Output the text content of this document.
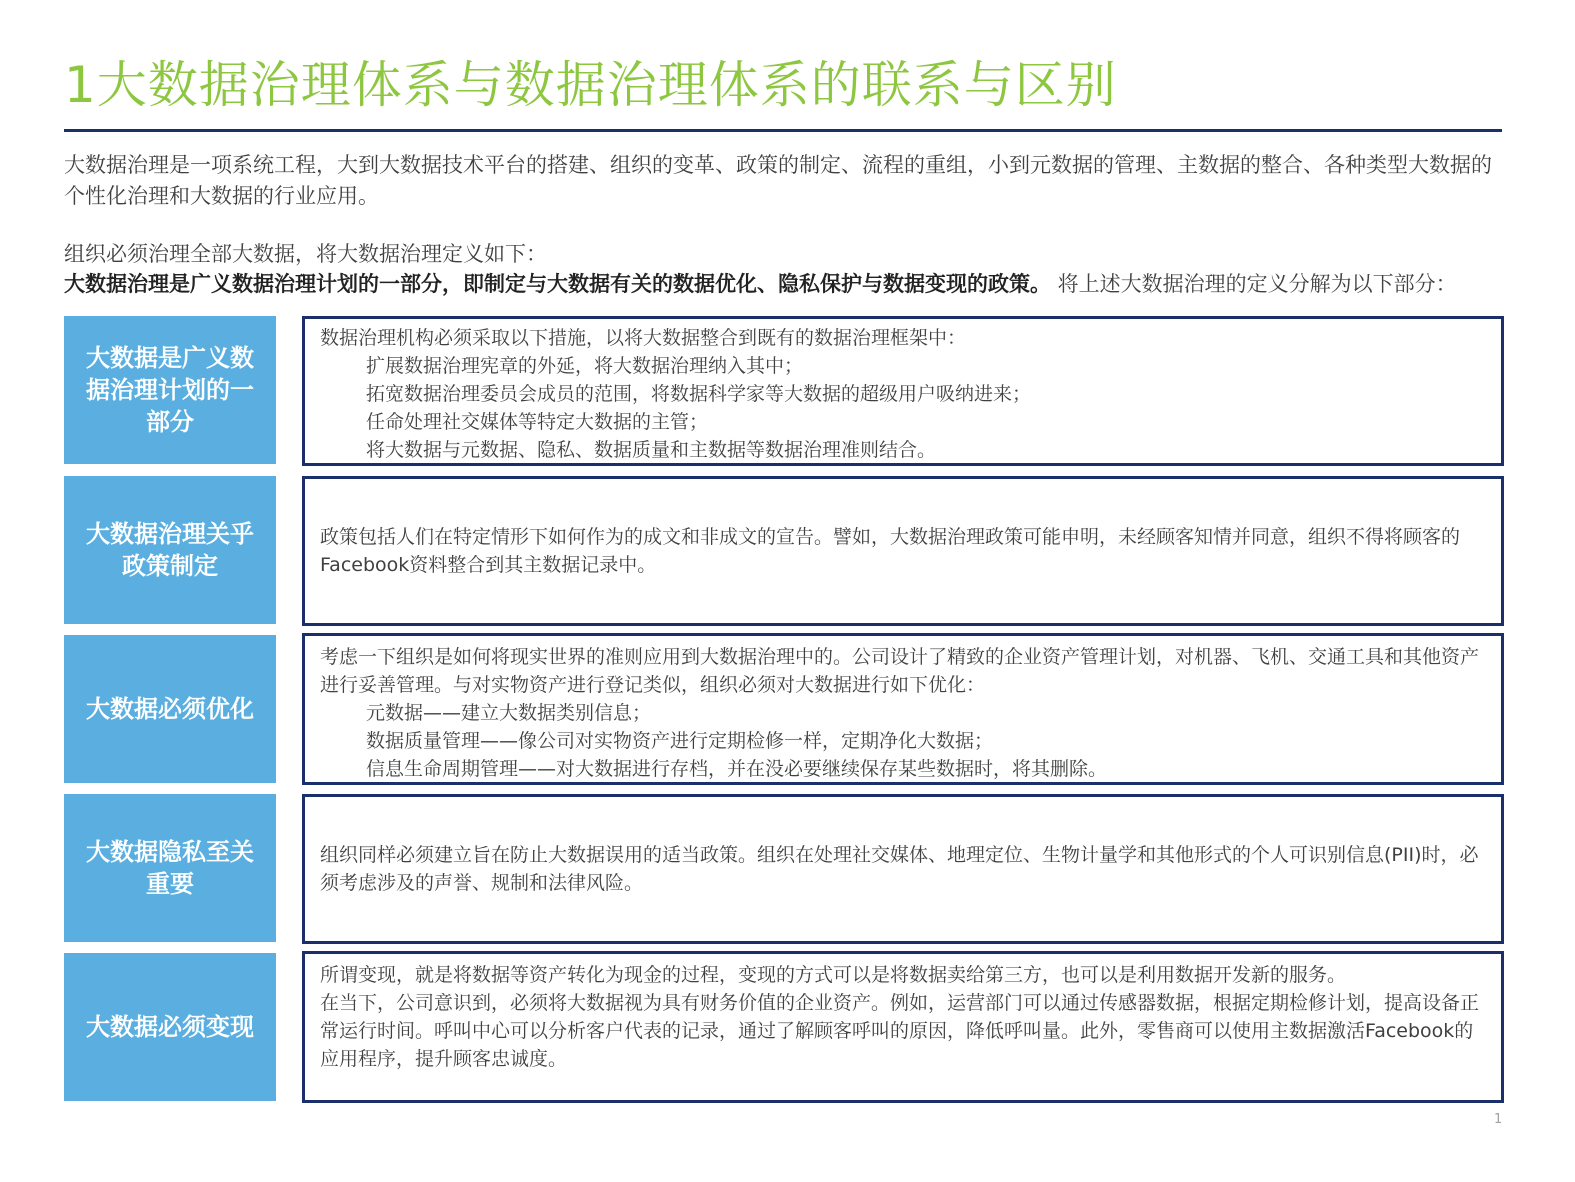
1大数据治理体系与数据治理体系的联系与区别
大数据治理是一项系统工程，大到大数据技术平台的搭建、组织的变革、政策的制定、流程的重组，小到元数据的管理、主数据的整合、各种类型大数据的个性化治理和大数据的行业应用。
组织必须治理全部大数据，将大数据治理定义如下：
大数据治理是广义数据治理计划的一部分，即制定与大数据有关的数据优化、隐私保护与数据变现的政策。 将上述大数据治理的定义分解为以下部分：
大数据是广义数据治理计划的一部分

数据治理机构必须采取以下措施，以将大数据整合到既有的数据治理框架中：

扩展数据治理宪章的外延，将大数据治理纳入其中；

拓宽数据治理委员会成员的范围，将数据科学家等大数据的超级用户吸纳进来；

任命处理社交媒体等特定大数据的主管；

将大数据与元数据、隐私、数据质量和主数据等数据治理准则结合。

大数据治理关乎政策制定

政策包括人们在特定情形下如何作为的成文和非成文的宣告。譬如，大数据治理政策可能申明，未经顾客知情并同意，组织不得将顾客的Facebook资料整合到其主数据记录中。

大数据必须优化

考虑一下组织是如何将现实世界的准则应用到大数据治理中的。公司设计了精致的企业资产管理计划，对机器、飞机、交通工具和其他资产进行妥善管理。与对实物资产进行登记类似，组织必须对大数据进行如下优化：

元数据——建立大数据类别信息；

数据质量管理——像公司对实物资产进行定期检修一样，定期净化大数据；

信息生命周期管理——对大数据进行存档，并在没必要继续保存某些数据时，将其删除。

大数据隐私至关重要

组织同样必须建立旨在防止大数据误用的适当政策。组织在处理社交媒体、地理定位、生物计量学和其他形式的个人可识别信息(PII)时，必须考虑涉及的声誉、规制和法律风险。

大数据必须变现

所谓变现，就是将数据等资产转化为现金的过程，变现的方式可以是将数据卖给第三方，也可以是利用数据开发新的服务。

在当下，公司意识到，必须将大数据视为具有财务价值的企业资产。例如，运营部门可以通过传感器数据，根据定期检修计划，提高设备正常运行时间。呼叫中心可以分析客户代表的记录，通过了解顾客呼叫的原因，降低呼叫量。此外，零售商可以使用主数据激活Facebook的应用程序，提升顾客忠诚度。

1
